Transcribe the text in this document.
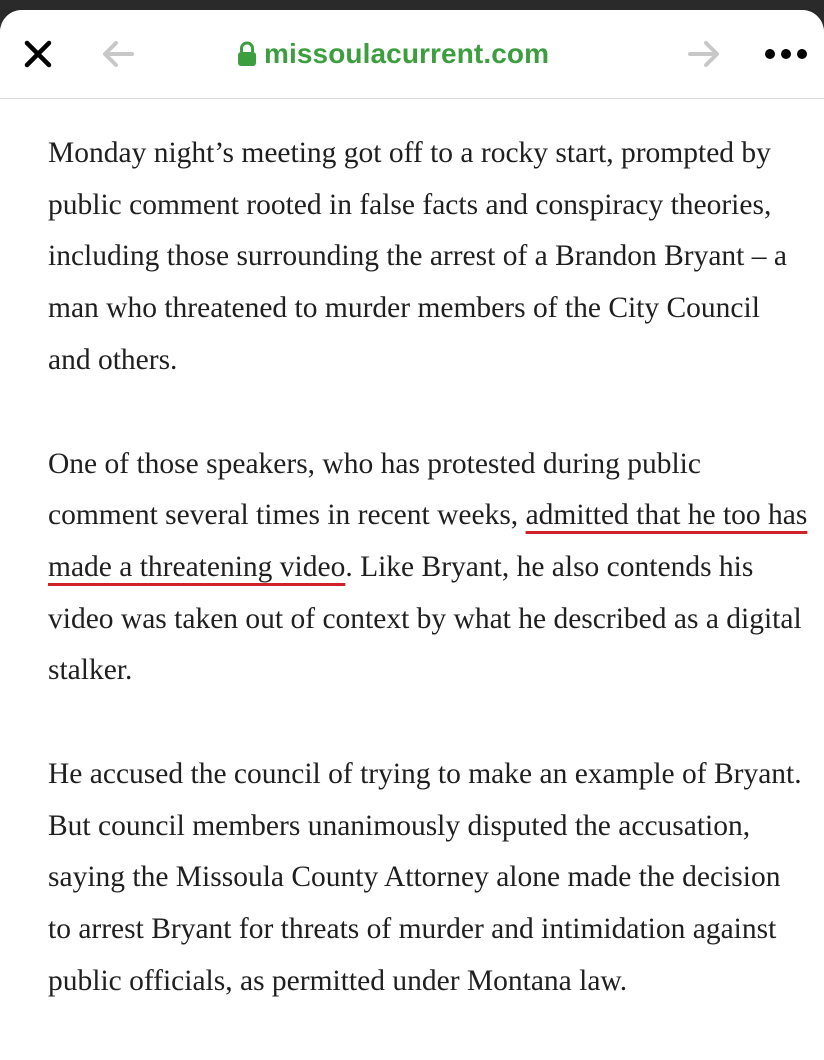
missoulacurrent.com

Monday night’s meeting got off to a rocky start, prompted by public comment rooted in false facts and conspiracy theories, including those surrounding the arrest of a Brandon Bryant – a man who threatened to murder members of the City Council and others.

One of those speakers, who has protested during public comment several times in recent weeks, admitted that he too has made a threatening video. Like Bryant, he also contends his video was taken out of context by what he described as a digital stalker.

He accused the council of trying to make an example of Bryant. But council members unanimously disputed the accusation, saying the Missoula County Attorney alone made the decision to arrest Bryant for threats of murder and intimidation against public officials, as permitted under Montana law.
